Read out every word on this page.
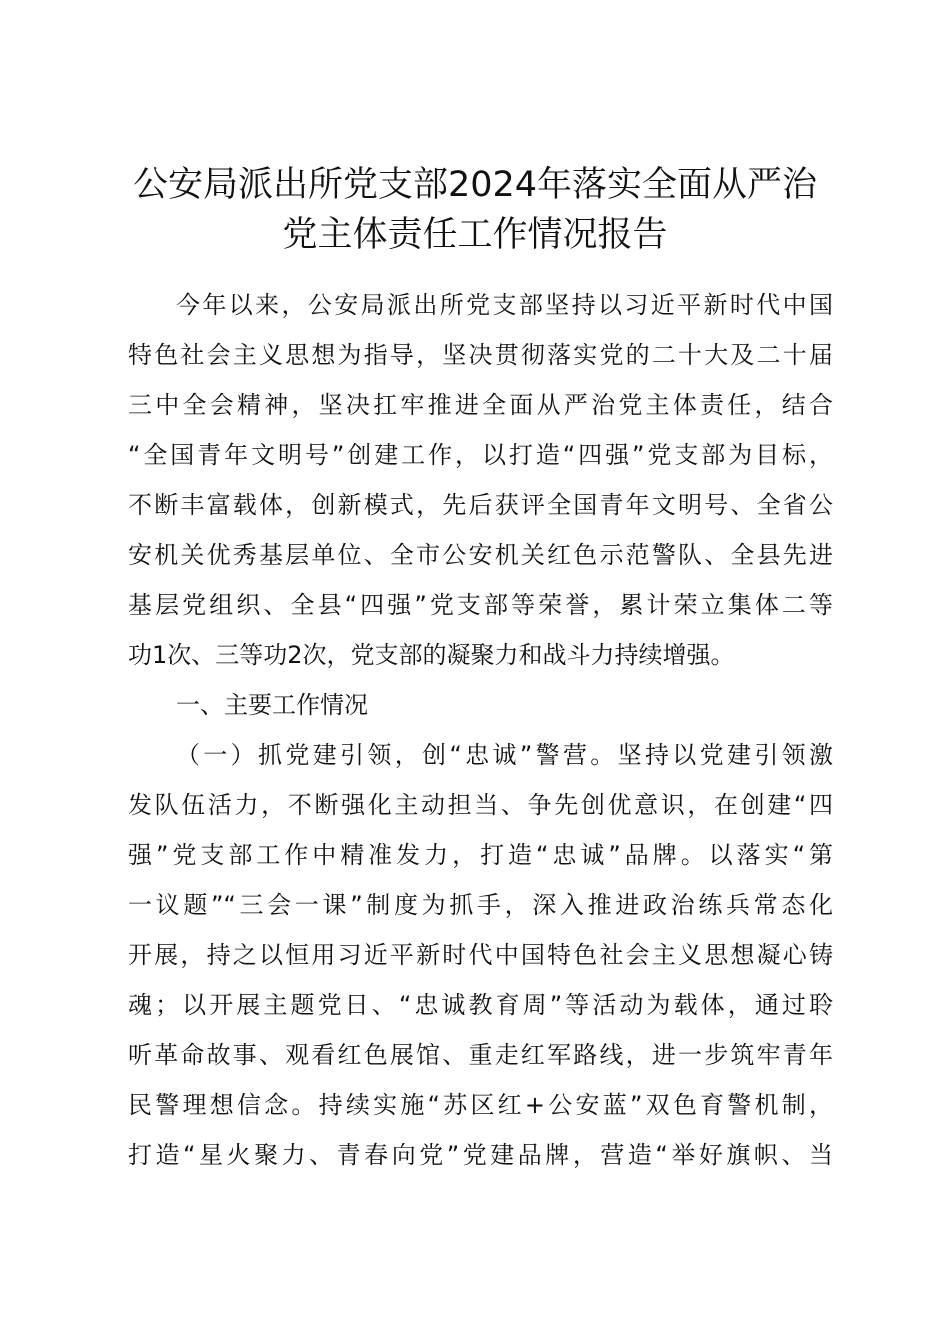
公安局派出所党支部2024年落实全面从严治
党主体责任工作情况报告
今年以来，公安局派出所党支部坚持以习近平新时代中国
特色社会主义思想为指导，坚决贯彻落实党的二十大及二十届
三中全会精神，坚决扛牢推进全面从严治党主体责任，结合
“全国青年文明号”创建工作，以打造“四强”党支部为目标，
不断丰富载体，创新模式，先后获评全国青年文明号、全省公
安机关优秀基层单位、全市公安机关红色示范警队、全县先进
基层党组织、全县“四强”党支部等荣誉，累计荣立集体二等
功1次、三等功2次，党支部的凝聚力和战斗力持续增强。
一、主要工作情况
（一）抓党建引领，创“忠诚”警营。坚持以党建引领激
发队伍活力，不断强化主动担当、争先创优意识，在创建“四
强”党支部工作中精准发力，打造“忠诚”品牌。以落实“第
一议题”“三会一课”制度为抓手，深入推进政治练兵常态化
开展，持之以恒用习近平新时代中国特色社会主义思想凝心铸
魂；以开展主题党日、“忠诚教育周”等活动为载体，通过聆
听革命故事、观看红色展馆、重走红军路线，进一步筑牢青年
民警理想信念。持续实施“苏区红+公安蓝”双色育警机制，
打造“星火聚力、青春向党”党建品牌，营造“举好旗帜、当
